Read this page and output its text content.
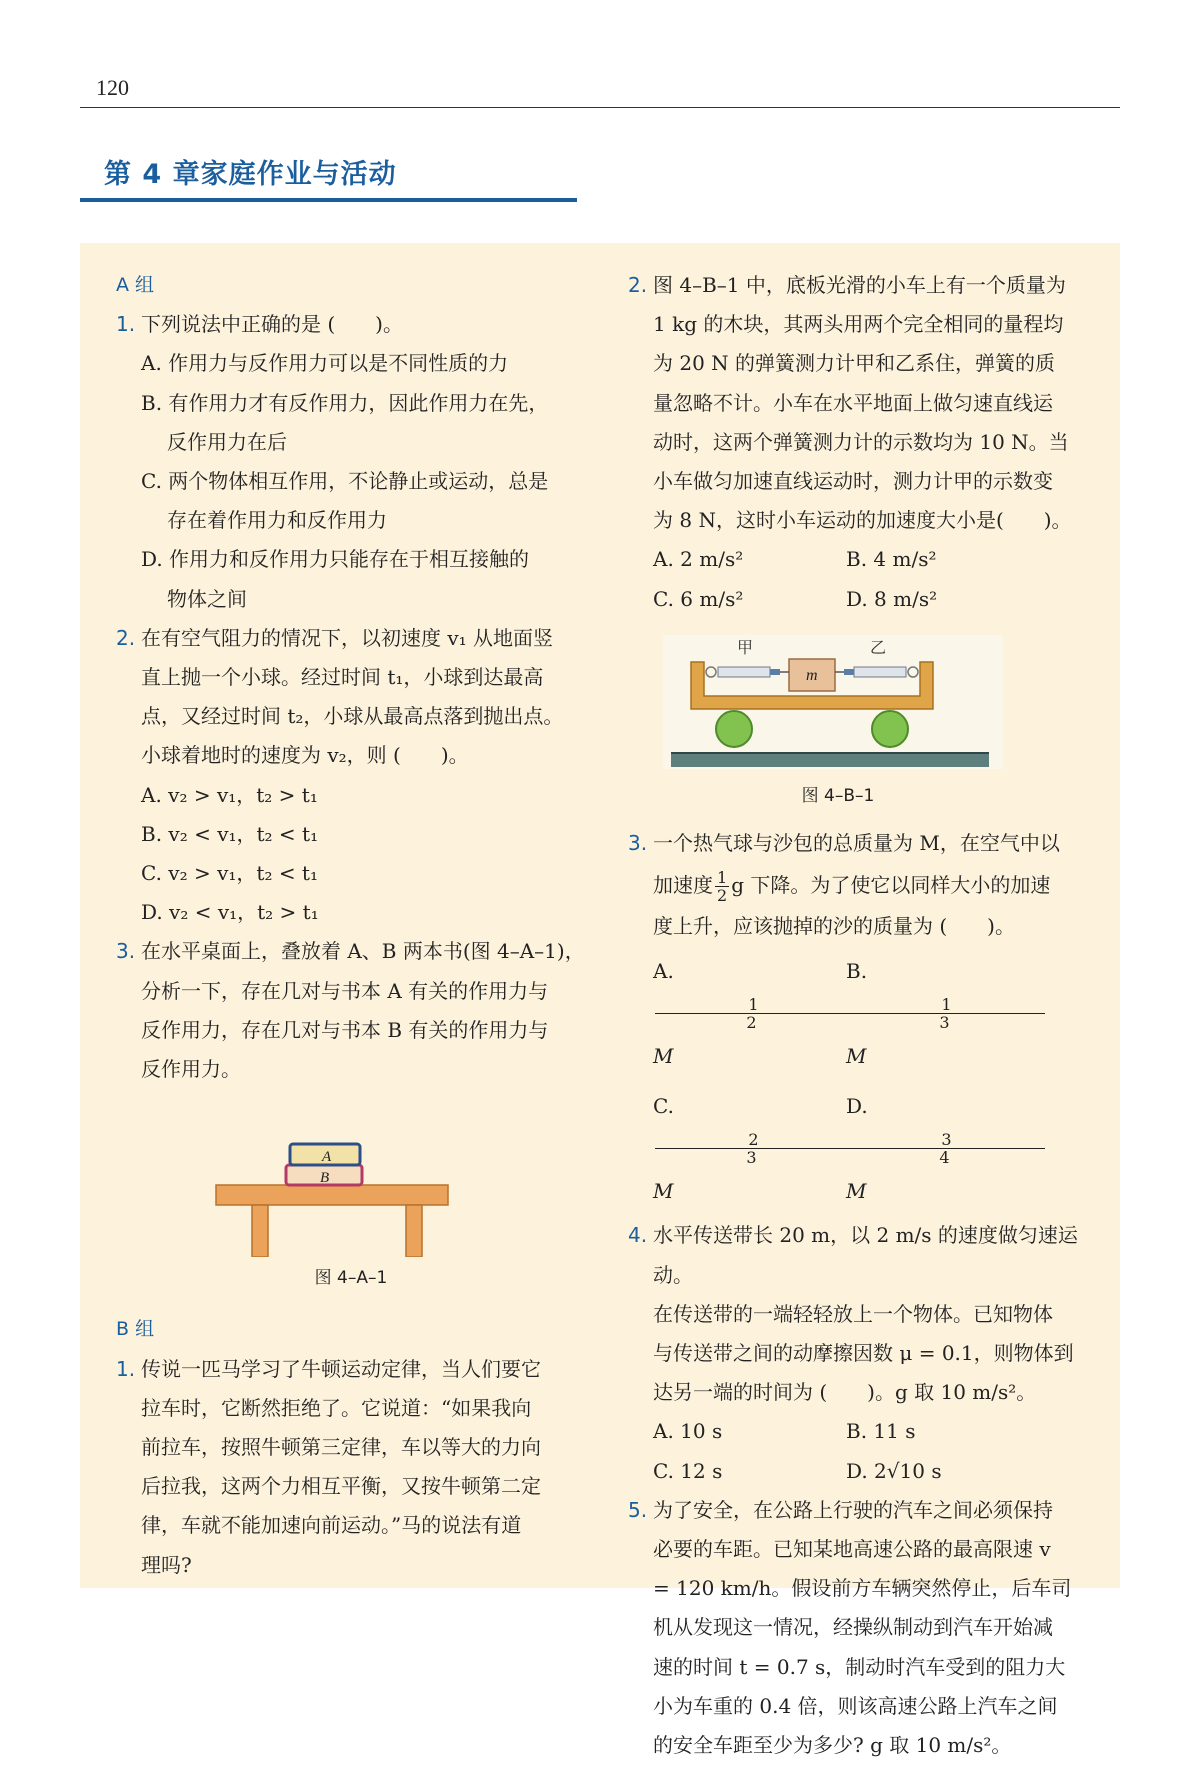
120
第 4 章家庭作业与活动
A 组
1. 下列说法中正确的是 (　　)。
A. 作用力与反作用力可以是不同性质的力
B. 有作用力才有反作用力，因此作用力在先，
反作用力在后
C. 两个物体相互作用，不论静止或运动，总是
存在着作用力和反作用力
D. 作用力和反作用力只能存在于相互接触的
物体之间
2. 在有空气阻力的情况下，以初速度 v₁ 从地面竖
直上抛一个小球。经过时间 t₁，小球到达最高
点，又经过时间 t₂，小球从最高点落到抛出点。
小球着地时的速度为 v₂，则 (　　)。
A. v₂ > v₁，t₂ > t₁
B. v₂ < v₁，t₂ < t₁
C. v₂ > v₁，t₂ < t₁
D. v₂ < v₁，t₂ > t₁
3. 在水平桌面上，叠放着 A、B 两本书(图 4–A–1)，
分析一下，存在几对与书本 A 有关的作用力与
反作用力，存在几对与书本 B 有关的作用力与
反作用力。
A
B
图 4–A–1
B 组
1. 传说一匹马学习了牛顿运动定律，当人们要它
拉车时，它断然拒绝了。它说道：“如果我向
前拉车，按照牛顿第三定律，车以等大的力向
后拉我，这两个力相互平衡，又按牛顿第二定
律，车就不能加速向前运动。”马的说法有道
理吗?
2. 图 4–B–1 中，底板光滑的小车上有一个质量为
1 kg 的木块，其两头用两个完全相同的量程均
为 20 N 的弹簧测力计甲和乙系住，弹簧的质
量忽略不计。小车在水平地面上做匀速直线运
动时，这两个弹簧测力计的示数均为 10 N。当
小车做匀加速直线运动时，测力计甲的示数变
为 8 N，这时小车运动的加速度大小是(　　)。
A. 2 m/s²	B. 4 m/s²
C. 6 m/s²	D. 8 m/s²
m
甲	乙
图 4–B–1
3. 一个热气球与沙包的总质量为 M，在空气中以
加速度 $\frac{1}{2}$ g 下降。为了使它以同样大小的加速
度上升，应该抛掉的沙的质量为 (　　)。
A.
1
2
M
B.
1
3
M
C.
2
3
M
D.
3
4
M
4. 水平传送带长 20 m，以 2 m/s 的速度做匀速运动。
在传送带的一端轻轻放上一个物体。已知物体
与传送带之间的动摩擦因数 μ = 0.1，则物体到
达另一端的时间为 (　　)。g 取 10 m/s²。
A. 10 s	B. 11 s
C. 12 s	D. 2√10 s
5. 为了安全，在公路上行驶的汽车之间必须保持
必要的车距。已知某地高速公路的最高限速 v
= 120 km/h。假设前方车辆突然停止，后车司
机从发现这一情况，经操纵制动到汽车开始减
速的时间 t = 0.7 s，制动时汽车受到的阻力大
小为车重的 0.4 倍，则该高速公路上汽车之间
的安全车距至少为多少? g 取 10 m/s²。
